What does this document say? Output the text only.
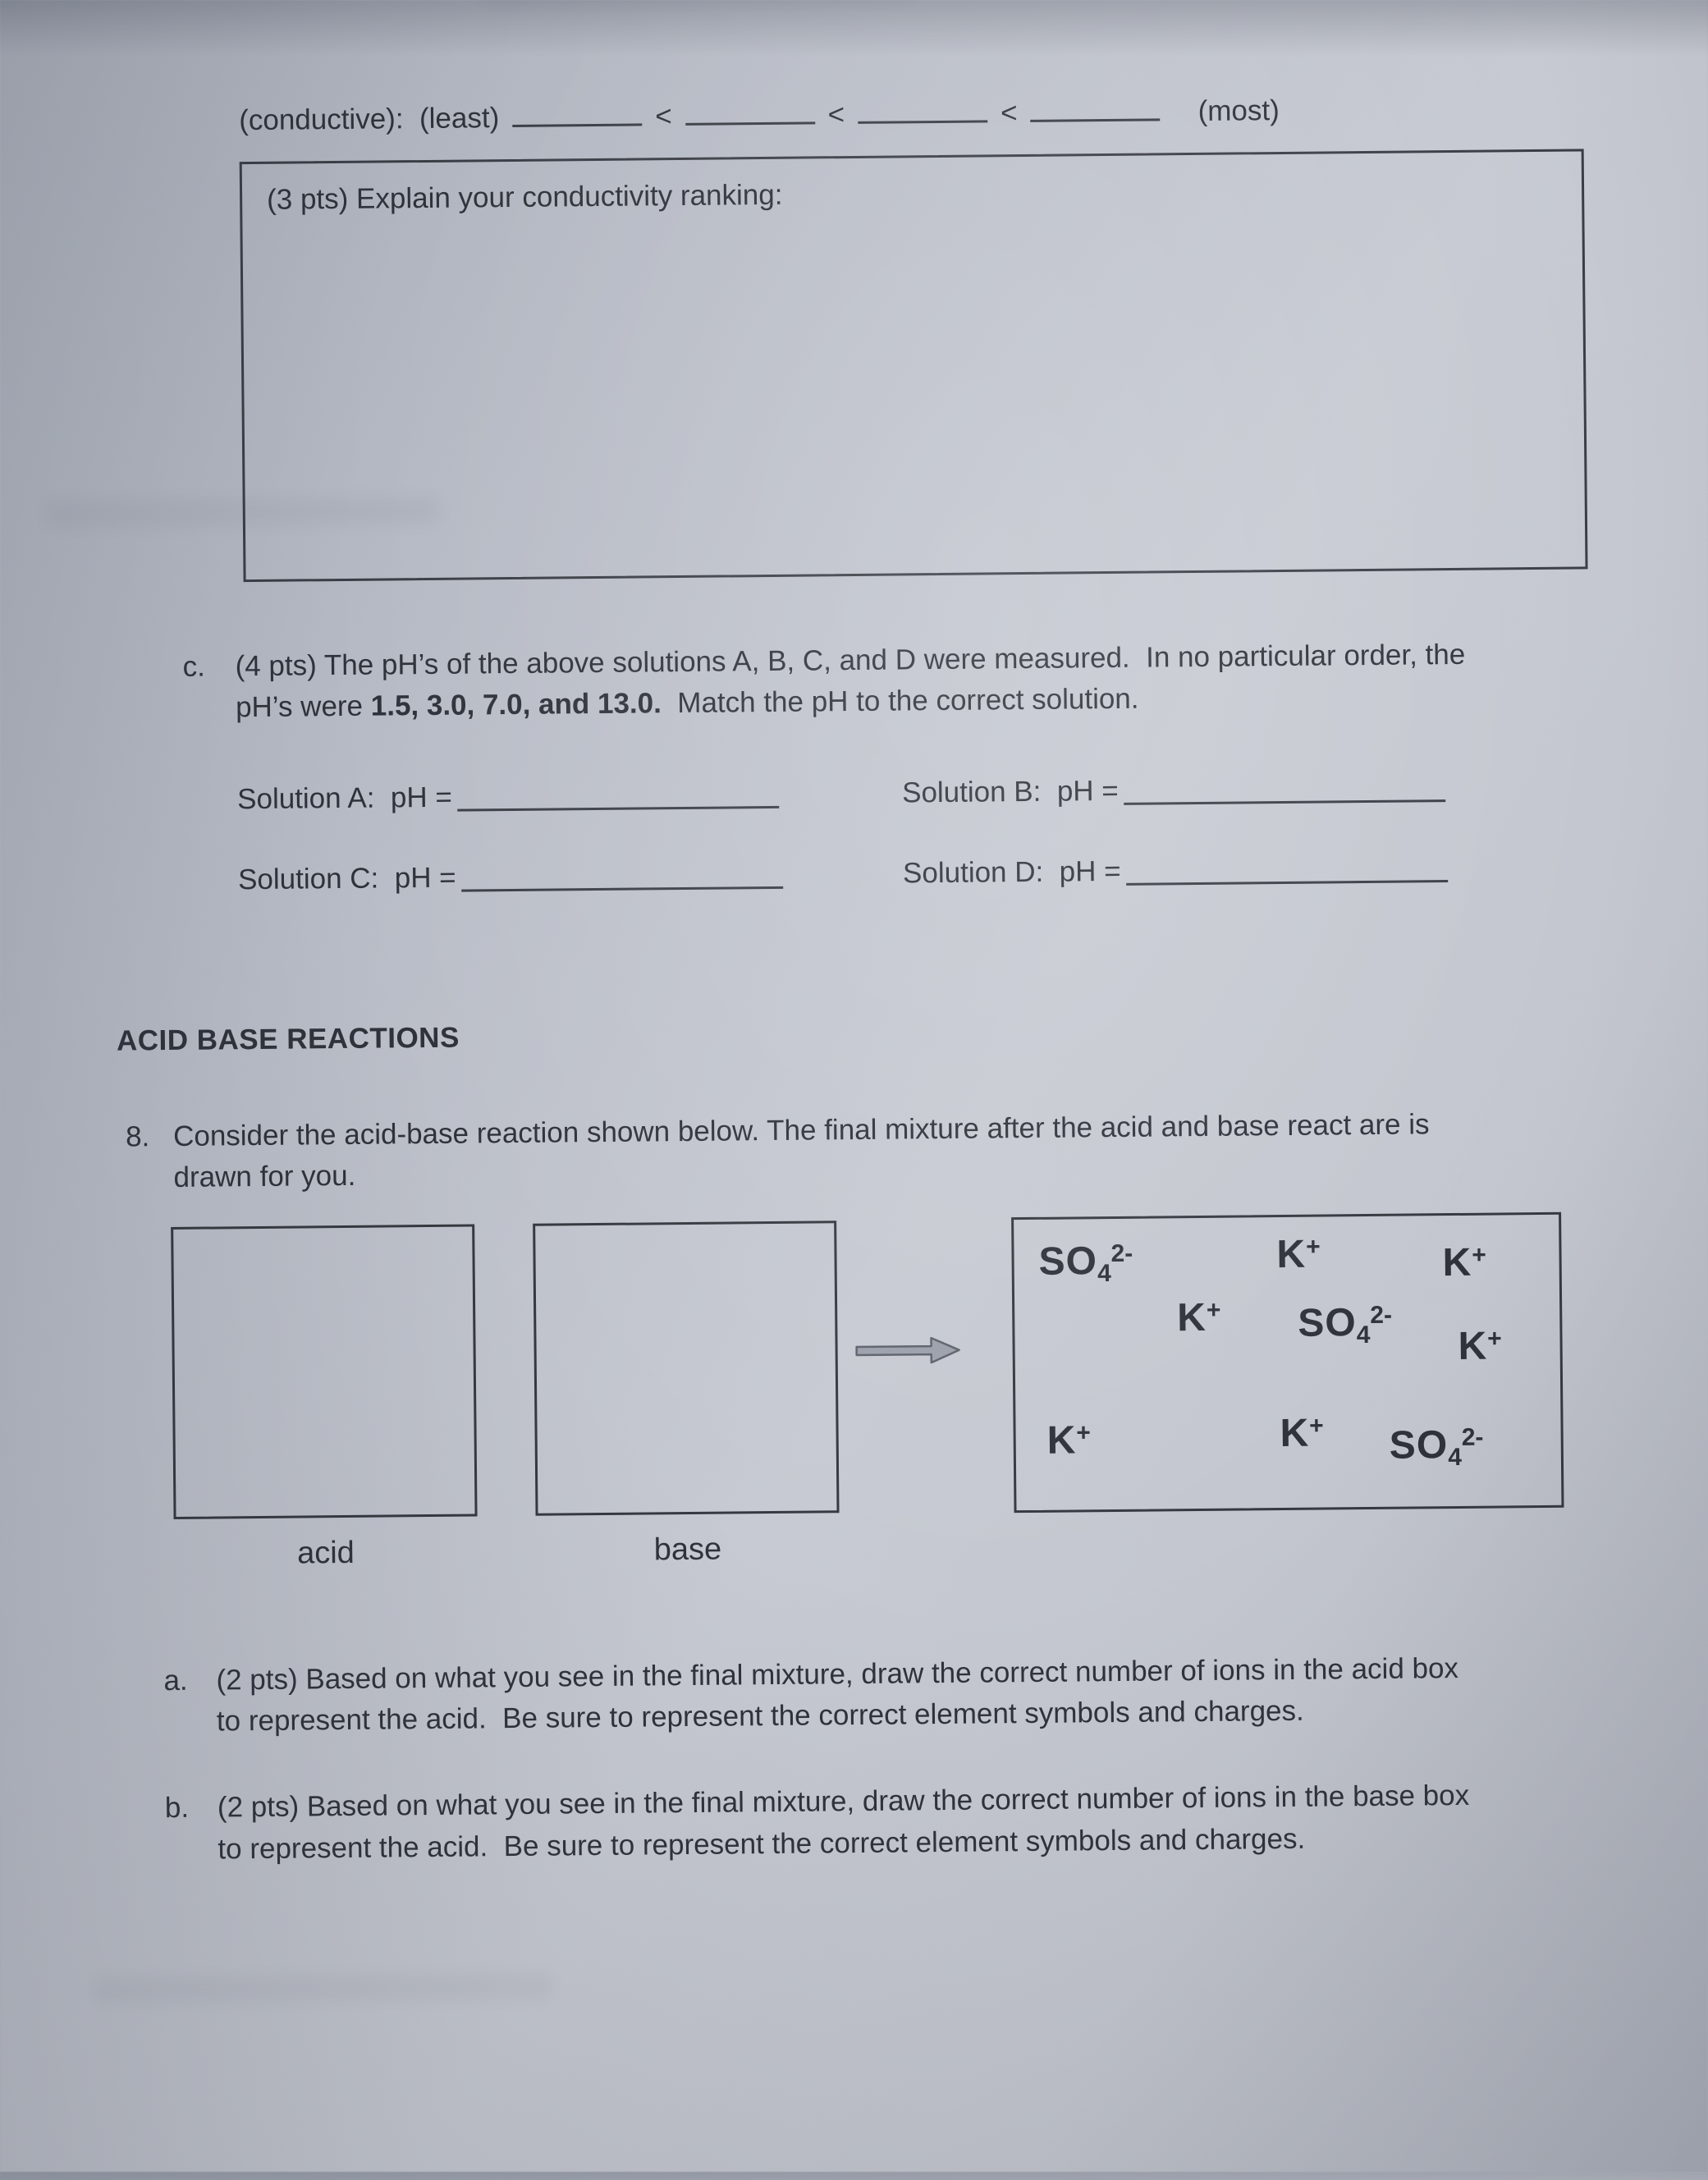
(conductive):  (least)	<	<	<	(most)
(3 pts) Explain your conductivity ranking:
c.	(4 pts) The pH’s of the above solutions A, B, C, and D were measured.  In no particular order, the pH’s were 1.5, 3.0, 7.0, and 13.0.  Match the pH to the correct solution.
Solution A:  pH =	Solution B:  pH =
Solution C:  pH =	Solution D:  pH =
ACID BASE REACTIONS
8. Consider the acid-base reaction shown below. The final mixture after the acid and base react are is drawn for you.
$SO_4^{2-}$	K+	K+
K+ $SO_4^{2-}$
K+
K+	K+ $SO_4^{2-}$
acid	base
a. (2 pts) Based on what you see in the final mixture, draw the correct number of ions in the acid box to represent the acid.  Be sure to represent the correct element symbols and charges.
b. (2 pts) Based on what you see in the final mixture, draw the correct number of ions in the base box to represent the acid.  Be sure to represent the correct element symbols and charges.
